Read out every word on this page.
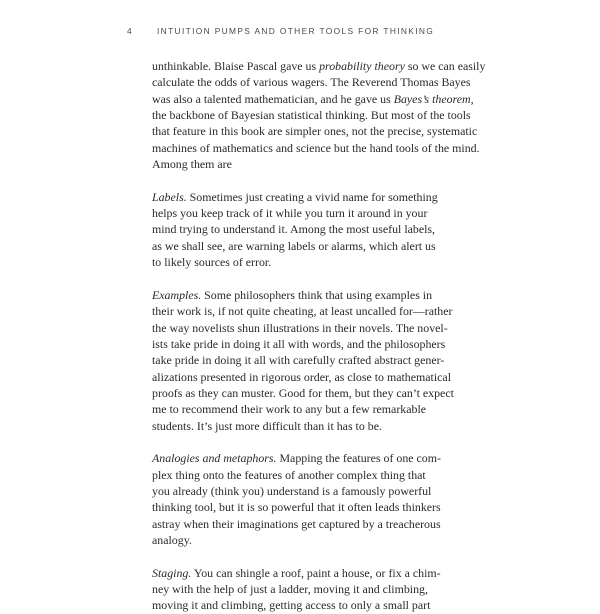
4	INTUITION PUMPS AND OTHER TOOLS FOR THINKING

unthinkable. Blaise Pascal gave us probability theory so we can easily
calculate the odds of various wagers. The Reverend Thomas Bayes
was also a talented mathematician, and he gave us Bayes’s theorem,
the backbone of Bayesian statistical thinking. But most of the tools
that feature in this book are simpler ones, not the precise, systematic
machines of mathematics and science but the hand tools of the mind.
Among them are

Labels. Sometimes just creating a vivid name for something
helps you keep track of it while you turn it around in your
mind trying to understand it. Among the most useful labels,
as we shall see, are warning labels or alarms, which alert us
to likely sources of error.

Examples. Some philosophers think that using examples in
their work is, if not quite cheating, at least uncalled for—rather
the way novelists shun illustrations in their novels. The novel-
ists take pride in doing it all with words, and the philosophers
take pride in doing it all with carefully crafted abstract gener-
alizations presented in rigorous order, as close to mathematical
proofs as they can muster. Good for them, but they can’t expect
me to recommend their work to any but a few remarkable
students. It’s just more difficult than it has to be.

Analogies and metaphors. Mapping the features of one com-
plex thing onto the features of another complex thing that
you already (think you) understand is a famously powerful
thinking tool, but it is so powerful that it often leads thinkers
astray when their imaginations get captured by a treacherous
analogy.

Staging. You can shingle a roof, paint a house, or fix a chim-
ney with the help of just a ladder, moving it and climbing,
moving it and climbing, getting access to only a small part
